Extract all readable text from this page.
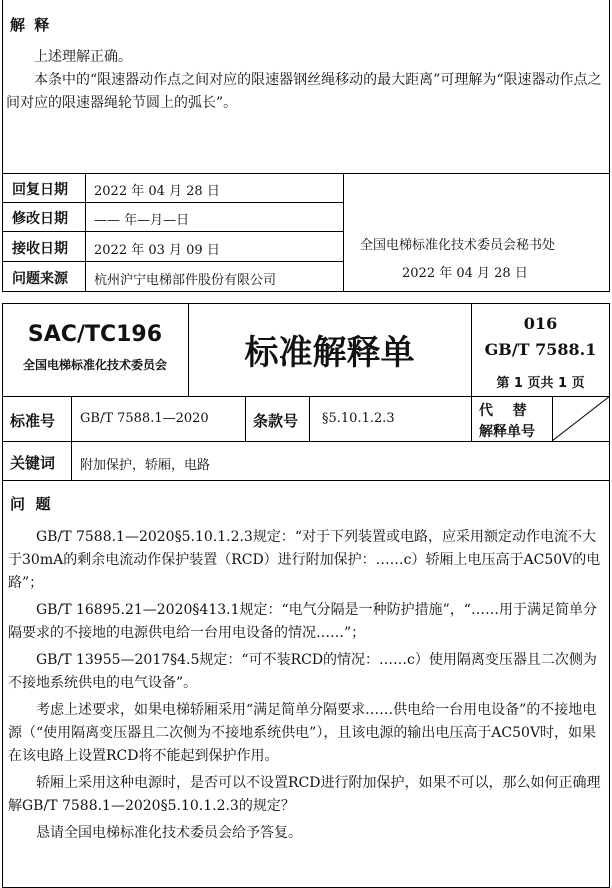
解 释

上述理解正确。

本条中的“限速器动作点之间对应的限速器钢丝绳移动的最大距离”可理解为“限速器动作点之间对应的限速器绳轮节圆上的弧长”。

回复日期 2022 年 04 月 28 日
修改日期 —— 年—月—日
接收日期 2022 年 03 月 09 日
问题来源 杭州沪宁电梯部件股份有限公司
全国电梯标准化技术委员会秘书处
2022 年 04 月 28 日
SAC/TC196
全国电梯标准化技术委员会	标准解释单
016
GB/T 7588.1
第 1 页共 1 页
标准号 GB/T 7588.1—2020	条款号 §5.10.1.2.3	代    替
解释单号
关键词 附加保护，轿厢，电路
问  题

GB/T 7588.1—2020§5.10.1.2.3规定：“对于下列装置或电路，应采用额定动作电流不大于30mA的剩余电流动作保护装置（RCD）进行附加保护：……c）轿厢上电压高于AC50V的电路”；

GB/T 16895.21—2020§413.1规定：“电气分隔是一种防护措施”，“……用于满足简单分隔要求的不接地的电源供电给一台用电设备的情况……”；

GB/T 13955—2017§4.5规定：“可不装RCD的情况：……c）使用隔离变压器且二次侧为不接地系统供电的电气设备”。

考虑上述要求，如果电梯轿厢采用“满足简单分隔要求……供电给一台用电设备”的不接地电源（“使用隔离变压器且二次侧为不接地系统供电”），且该电源的输出电压高于AC50V时，如果在该电路上设置RCD将不能起到保护作用。

轿厢上采用这种电源时，是否可以不设置RCD进行附加保护，如果不可以，那么如何正确理解GB/T 7588.1—2020§5.10.1.2.3的规定？

恳请全国电梯标准化技术委员会给予答复。
